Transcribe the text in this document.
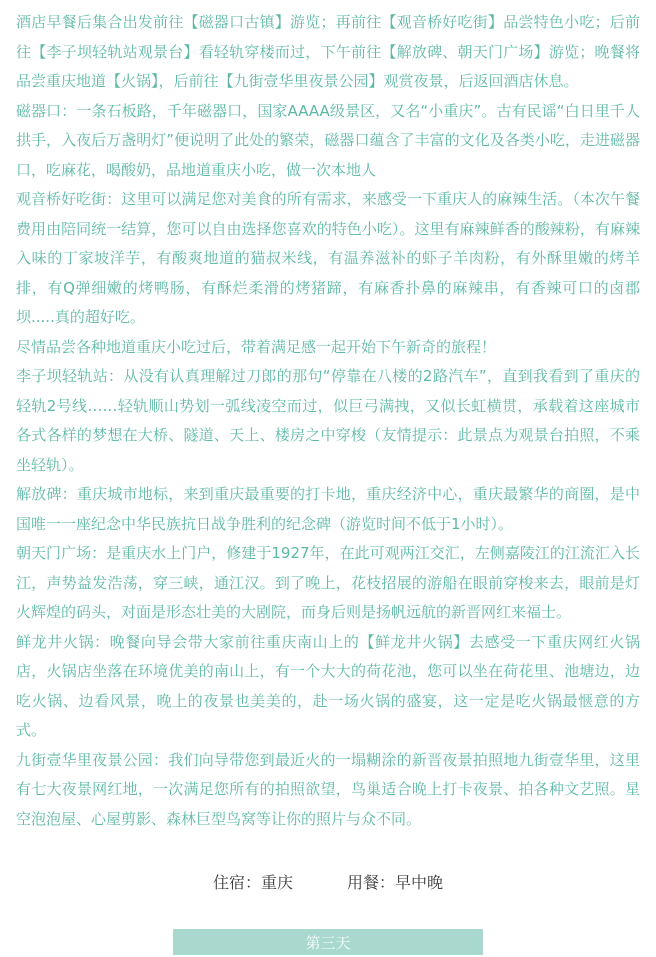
酒店早餐后集合出发前往【磁器口古镇】游览；再前往【观音桥好吃街】品尝特色小吃；后前往【李子坝轻轨站观景台】看轻轨穿楼而过，下午前往【解放碑、朝天门广场】游览；晚餐将品尝重庆地道【火锅】，后前往【九街壹华里夜景公园】观赏夜景，后返回酒店休息。

磁器口：一条石板路，千年磁器口，国家AAAA级景区，又名“小重庆”。古有民谣“白日里千人拱手，入夜后万盏明灯”便说明了此处的繁荣，磁器口蕴含了丰富的文化及各类小吃，走进磁器口，吃麻花，喝酸奶，品地道重庆小吃，做一次本地人

观音桥好吃街：这里可以满足您对美食的所有需求，来感受一下重庆人的麻辣生活。（本次午餐费用由陪同统一结算，您可以自由选择您喜欢的特色小吃）。这里有麻辣鲜香的酸辣粉，有麻辣入味的丁家坡洋芋，有酸爽地道的猫叔米线，有温养滋补的虾子羊肉粉，有外酥里嫩的烤羊排，有Q弹细嫩的烤鸭肠，有酥烂柔滑的烤猪蹄，有麻香扑鼻的麻辣串，有香辣可口的卤郡坝.....真的超好吃。

尽情品尝各种地道重庆小吃过后，带着满足感一起开始下午新奇的旅程！

李子坝轻轨站：从没有认真理解过刀郎的那句“停靠在八楼的2路汽车”，直到我看到了重庆的轻轨2号线……轻轨顺山势划一弧线凌空而过，似巨弓满拽，又似长虹横贯，承载着这座城市各式各样的梦想在大桥、隧道、天上、楼房之中穿梭（友情提示：此景点为观景台拍照，不乘坐轻轨）。

解放碑：重庆城市地标，来到重庆最重要的打卡地，重庆经济中心，重庆最繁华的商圈，是中国唯一一座纪念中华民族抗日战争胜利的纪念碑（游览时间不低于1小时）。

朝天门广场：是重庆水上门户，修建于1927年，在此可观两江交汇，左侧嘉陵江的江流汇入长江，声势益发浩荡，穿三峡，通江汉。到了晚上，花枝招展的游船在眼前穿梭来去，眼前是灯火辉煌的码头，对面是形态壮美的大剧院，而身后则是扬帆远航的新晋网红来福士。

鲜龙井火锅：晚餐向导会带大家前往重庆南山上的【鲜龙井火锅】去感受一下重庆网红火锅店，火锅店坐落在环境优美的南山上，有一个大大的荷花池，您可以坐在荷花里、池塘边，边吃火锅、边看风景，晚上的夜景也美美的，赴一场火锅的盛宴，这一定是吃火锅最惬意的方式。

九街壹华里夜景公园：我们向导带您到最近火的一塌糊涂的新晋夜景拍照地九街壹华里，这里有七大夜景网红地，一次满足您所有的拍照欲望，鸟巢适合晚上打卡夜景、拍各种文艺照。星空泡泡屋、心屋剪影、森林巨型鸟窝等让你的照片与众不同。

住宿：重庆	用餐：早中晚
第三天
